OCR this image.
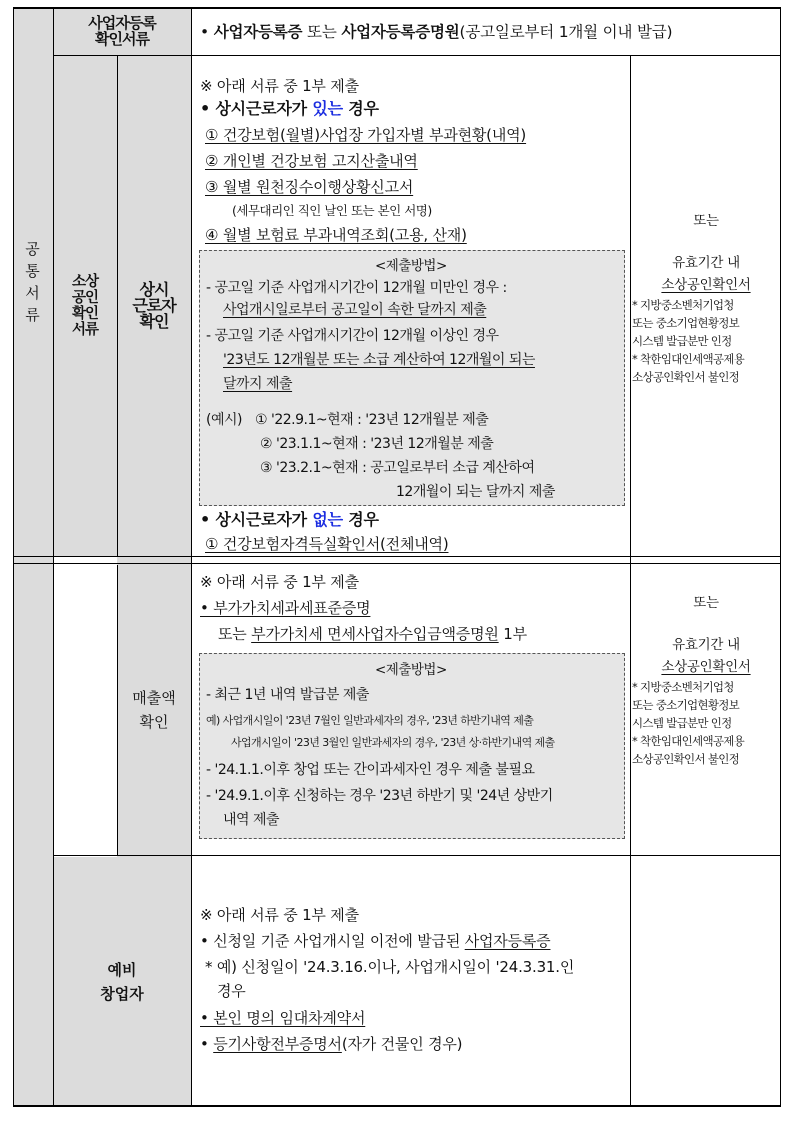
공
통
서
류
사업자등록
확인서류
소상
공인
확인
서류
상시
근로자
확인
매출액
확인
예비
창업자
• 사업자등록증 또는 사업자등록증명원(공고일로부터 1개월 이내 발급)
※ 아래 서류 중 1부 제출
• 상시근로자가 있는 경우
① 건강보험(월별)사업장 가입자별 부과현황(내역)
② 개인별 건강보험 고지산출내역
③ 월별 원천징수이행상황신고서
(세무대리인 직인 날인 또는 본인 서명)
④ 월별 보험료 부과내역조회(고용, 산재)
<제출방법>
- 공고일 기준 사업개시기간이 12개월 미만인 경우 :
사업개시일로부터 공고일이 속한 달까지 제출
- 공고일 기준 사업개시기간이 12개월 이상인 경우
'23년도 12개월분 또는 소급 계산하여 12개월이 되는
달까지 제출
(예시) ① '22.9.1~현재 : '23년 12개월분 제출
② '23.1.1~현재 : '23년 12개월분 제출
③ '23.2.1~현재 : 공고일로부터 소급 계산하여
12개월이 되는 달까지 제출
• 상시근로자가 없는 경우
① 건강보험자격득실확인서(전체내역)
또는
유효기간 내
소상공인확인서
* 지방중소벤처기업청
또는 중소기업현황정보
시스템 발급분만 인정
* 착한임대인세액공제용
소상공인확인서 불인정
※ 아래 서류 중 1부 제출
• 부가가치세과세표준증명
또는 부가가치세 면세사업자수입금액증명원 1부
<제출방법>
- 최근 1년 내역 발급분 제출
예) 사업개시일이 '23년 7월인 일반과세자의 경우, '23년 하반기내역 제출
사업개시일이 '23년 3월인 일반과세자의 경우, '23년 상·하반기내역 제출
- '24.1.1.이후 창업 또는 간이과세자인 경우 제출 불필요
- '24.9.1.이후 신청하는 경우 '23년 하반기 및 '24년 상반기
내역 제출
또는
유효기간 내
소상공인확인서
* 지방중소벤처기업청
또는 중소기업현황정보
시스템 발급분만 인정
* 착한임대인세액공제용
소상공인확인서 불인정
※ 아래 서류 중 1부 제출
• 신청일 기준 사업개시일 이전에 발급된 사업자등록증
* 예) 신청일이 '24.3.16.이나, 사업개시일이 '24.3.31.인
경우
• 본인 명의 임대차계약서
• 등기사항전부증명서(자가 건물인 경우)
